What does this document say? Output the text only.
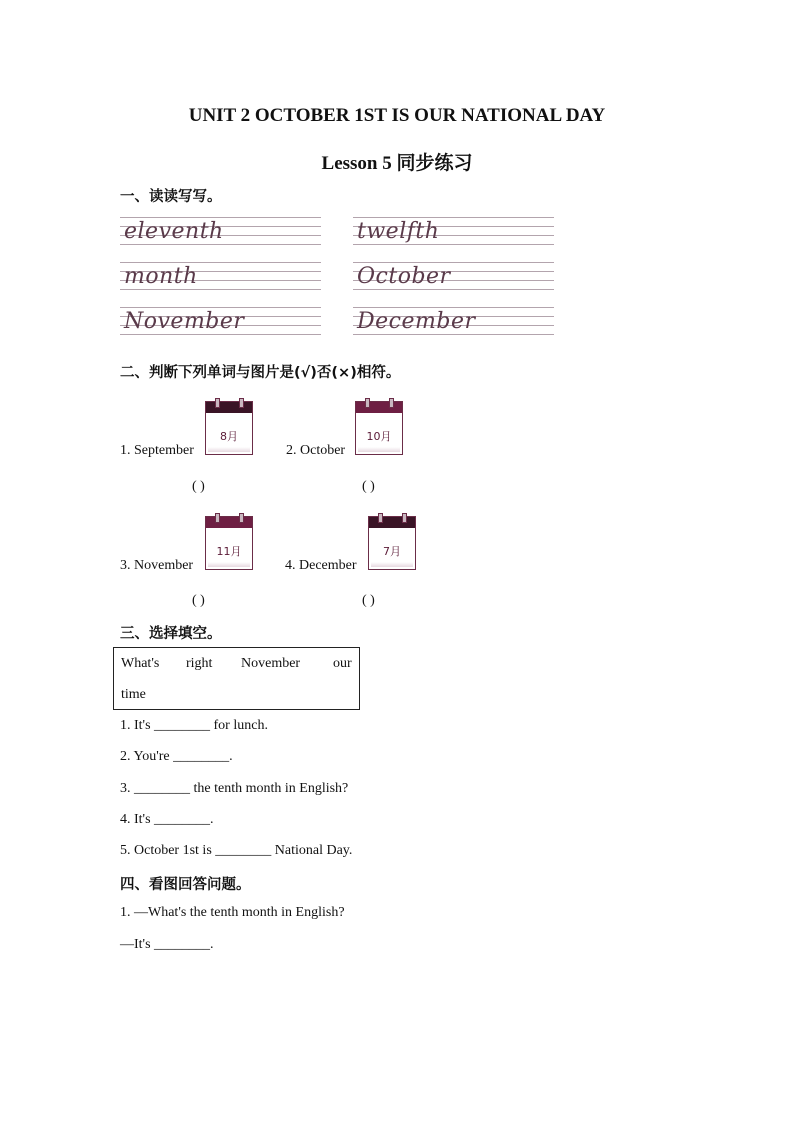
UNIT 2 OCTOBER 1ST IS OUR NATIONAL DAY
Lesson 5 同步练习
一、读读写写。
eleventh	twelfth
month	October
November	December
二、判断下列单词与图片是(√)否(×)相符。
1. September
8月
( )
2. October
10月
( )
3. November
11月
( )
4. December
7月
( )
三、选择填空。
What's right November our
time
1. It's ________ for lunch.
2. You're ________.
3. ________ the tenth month in English?
4. It's ________.
5. October 1st is ________ National Day.
四、看图回答问题。
1. —What's the tenth month in English?
—It's ________.
